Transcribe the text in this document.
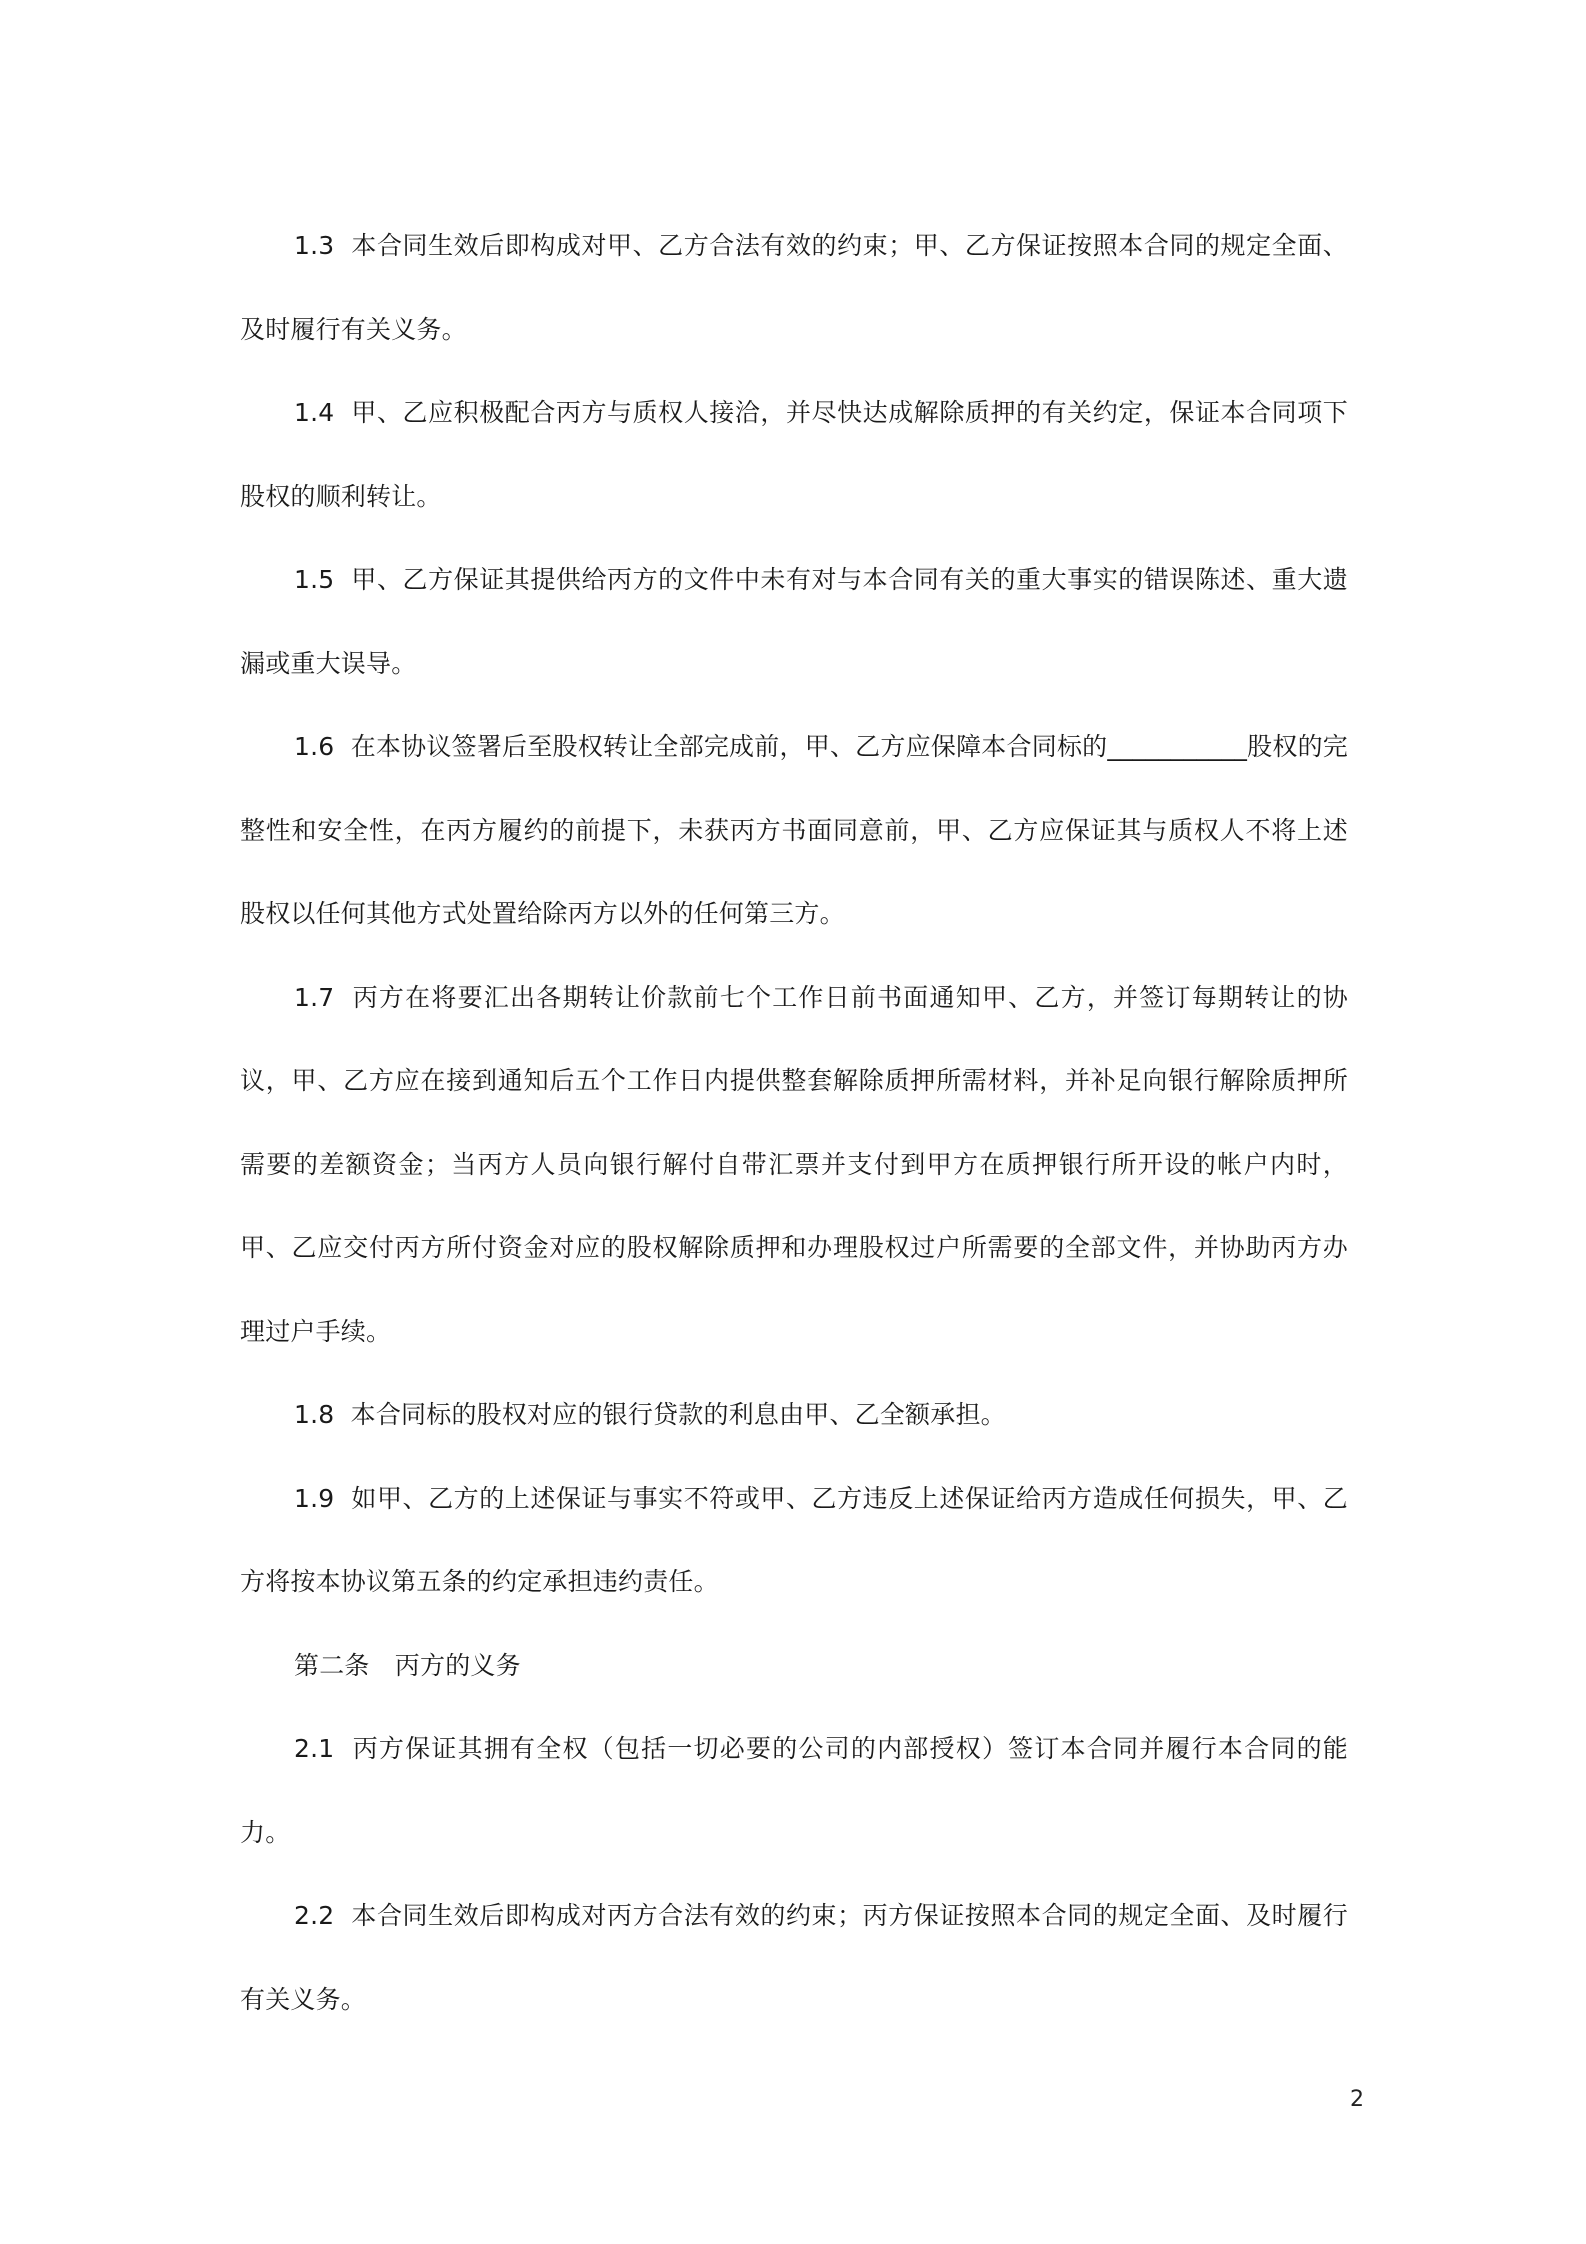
1.3  本合同生效后即构成对甲、乙方合法有效的约束；甲、乙方保证按照本合同的规定全面、及时履行有关义务。

1.4  甲、乙应积极配合丙方与质权人接洽，并尽快达成解除质押的有关约定，保证本合同项下股权的顺利转让。

1.5  甲、乙方保证其提供给丙方的文件中未有对与本合同有关的重大事实的错误陈述、重大遗漏或重大误导。

1.6  在本协议签署后至股权转让全部完成前，甲、乙方应保障本合同标的___________股权的完整性和安全性，在丙方履约的前提下，未获丙方书面同意前，甲、乙方应保证其与质权人不将上述股权以任何其他方式处置给除丙方以外的任何第三方。

1.7  丙方在将要汇出各期转让价款前七个工作日前书面通知甲、乙方，并签订每期转让的协议，甲、乙方应在接到通知后五个工作日内提供整套解除质押所需材料，并补足向银行解除质押所需要的差额资金；当丙方人员向银行解付自带汇票并支付到甲方在质押银行所开设的帐户内时，甲、乙应交付丙方所付资金对应的股权解除质押和办理股权过户所需要的全部文件，并协助丙方办理过户手续。

1.8  本合同标的股权对应的银行贷款的利息由甲、乙全额承担。

1.9  如甲、乙方的上述保证与事实不符或甲、乙方违反上述保证给丙方造成任何损失，甲、乙方将按本协议第五条的约定承担违约责任。

第二条　丙方的义务

2.1  丙方保证其拥有全权（包括一切必要的公司的内部授权）签订本合同并履行本合同的能力。

2.2  本合同生效后即构成对丙方合法有效的约束；丙方保证按照本合同的规定全面、及时履行有关义务。

2
